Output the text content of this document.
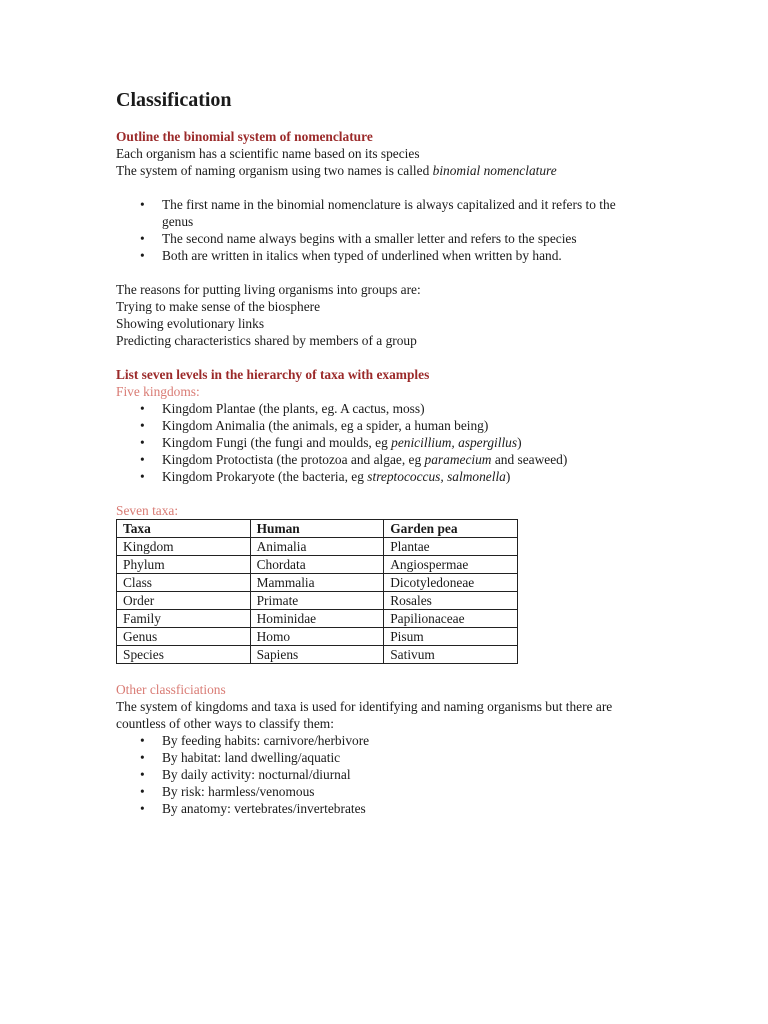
Classification

Outline the binomial system of nomenclature

Each organism has a scientific name based on its species

The system of naming organism using two names is called binomial nomenclature

• The first name in the binomial nomenclature is always capitalized and it refers to the genus
• The second name always begins with a smaller letter and refers to the species
• Both are written in italics when typed of underlined when written by hand.

The reasons for putting living organisms into groups are:

Trying to make sense of the biosphere

Showing evolutionary links

Predicting characteristics shared by members of a group

List seven levels in the hierarchy of taxa with examples

Five kingdoms:

• Kingdom Plantae (the plants, eg. A cactus, moss)
• Kingdom Animalia (the animals, eg a spider, a human being)
• Kingdom Fungi (the fungi and moulds, eg penicillium, aspergillus)
• Kingdom Protoctista (the protozoa and algae, eg paramecium and seaweed)
• Kingdom Prokaryote (the bacteria, eg streptococcus, salmonella)

Seven taxa:

Taxa	Human	Garden pea
Kingdom	Animalia	Plantae
Phylum	Chordata	Angiospermae
Class	Mammalia	Dicotyledoneae
Order	Primate	Rosales
Family	Hominidae	Papilionaceae
Genus	Homo	Pisum
Species	Sapiens	Sativum

Other classficiations

The system of kingdoms and taxa is used for identifying and naming organisms but there are countless of other ways to classify them:

• By feeding habits: carnivore/herbivore
• By habitat: land dwelling/aquatic
• By daily activity: nocturnal/diurnal
• By risk: harmless/venomous
• By anatomy: vertebrates/invertebrates
